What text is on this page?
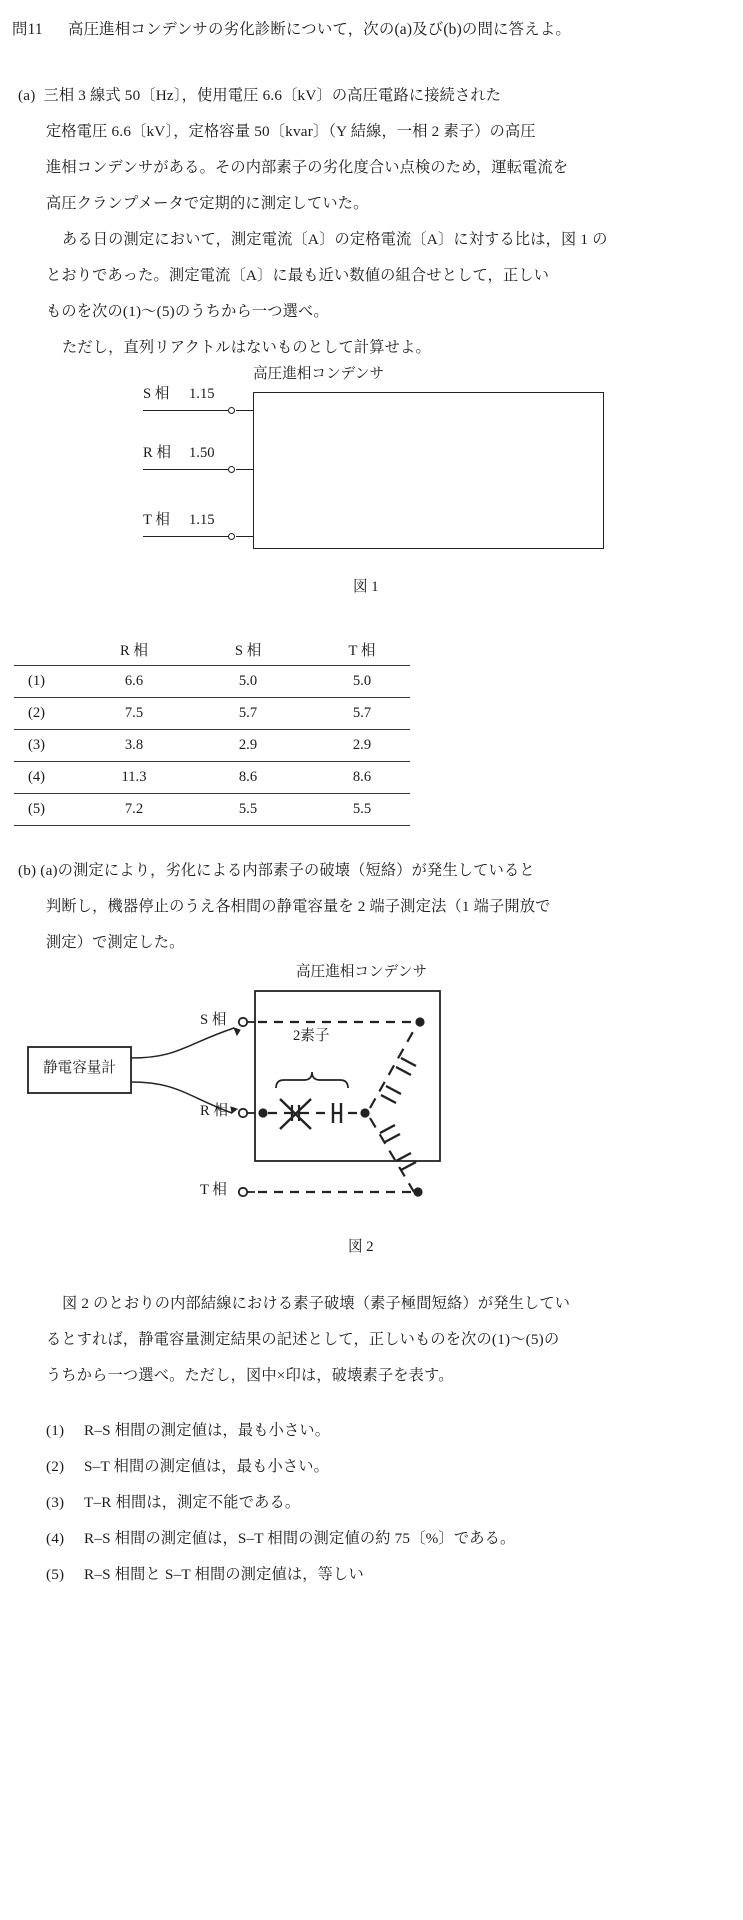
問11 高圧進相コンデンサの劣化診断について，次の(a)及び(b)の問に答えよ。
(a)  三相 3 線式 50〔Hz〕，使用電圧 6.6〔kV〕の高圧電路に接続された
定格電圧 6.6〔kV〕，定格容量 50〔kvar〕（Y 結線，一相 2 素子）の高圧
進相コンデンサがある。その内部素子の劣化度合い点検のため，運転電流を
高圧クランプメータで定期的に測定していた。
ある日の測定において，測定電流〔A〕の定格電流〔A〕に対する比は，図 1 の
とおりであった。測定電流〔A〕に最も近い数値の組合せとして，正しい
ものを次の(1)〜(5)のうちから一つ選べ。
ただし，直列リアクトルはないものとして計算せよ。
高圧進相コンデンサ
S 相 1.15
R 相 1.50
T 相 1.15
図 1
	R 相		S 相		T 相
(1)	6.6		5.0		5.0
(2)	7.5		5.7		5.7
(3)	3.8		2.9		2.9
(4)	11.3		8.6		8.6
(5)	7.2		5.5		5.5
(b) (a)の測定により，劣化による内部素子の破壊（短絡）が発生していると
判断し，機器停止のうえ各相間の静電容量を 2 端子測定法（1 端子開放で
測定）で測定した。
高圧進相コンデンサ
静電容量計
S 相
R 相
T 相
2素子
図 2
図 2 のとおりの内部結線における素子破壊（素子極間短絡）が発生してい
るとすれば，静電容量測定結果の記述として，正しいものを次の(1)〜(5)の
うちから一つ選べ。ただし，図中×印は，破壊素子を表す。
(1) R–S 相間の測定値は，最も小さい。
(2) S–T 相間の測定値は，最も小さい。
(3) T–R 相間は，測定不能である。
(4) R–S 相間の測定値は，S–T 相間の測定値の約 75〔%〕である。
(5) R–S 相間と S–T 相間の測定値は，等しい
